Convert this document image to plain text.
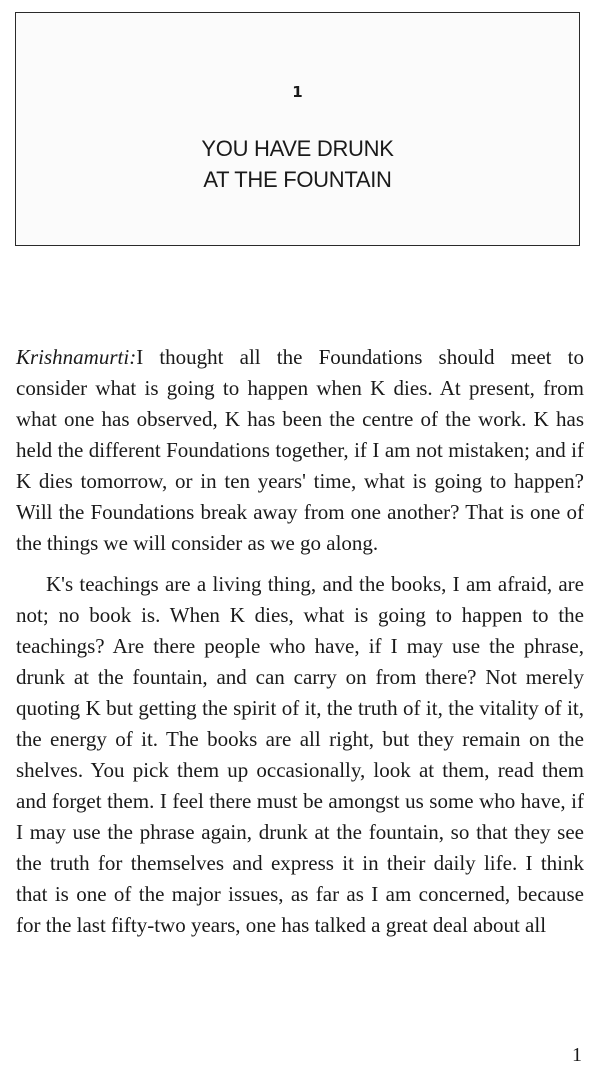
1
YOU HAVE DRUNK
AT THE FOUNTAIN

Krishnamurti:I thought all the Foundations should meet to consider what is going to happen when K dies. At present, from what one has observed, K has been the centre of the work. K has held the different Foundations together, if I am not mistaken; and if K dies tomorrow, or in ten years' time, what is going to happen? Will the Foundations break away from one another? That is one of the things we will consider as we go along.

K's teachings are a living thing, and the books, I am afraid, are not; no book is. When K dies, what is going to happen to the teachings? Are there people who have, if I may use the phrase, drunk at the fountain, and can carry on from there? Not merely quoting K but getting the spirit of it, the truth of it, the vitality of it, the energy of it. The books are all right, but they remain on the shelves. You pick them up occasionally, look at them, read them and forget them. I feel there must be amongst us some who have, if I may use the phrase again, drunk at the fountain, so that they see the truth for themselves and express it in their daily life. I think that is one of the major issues, as far as I am concerned, because for the last fifty-two years, one has talked a great deal about all

1
